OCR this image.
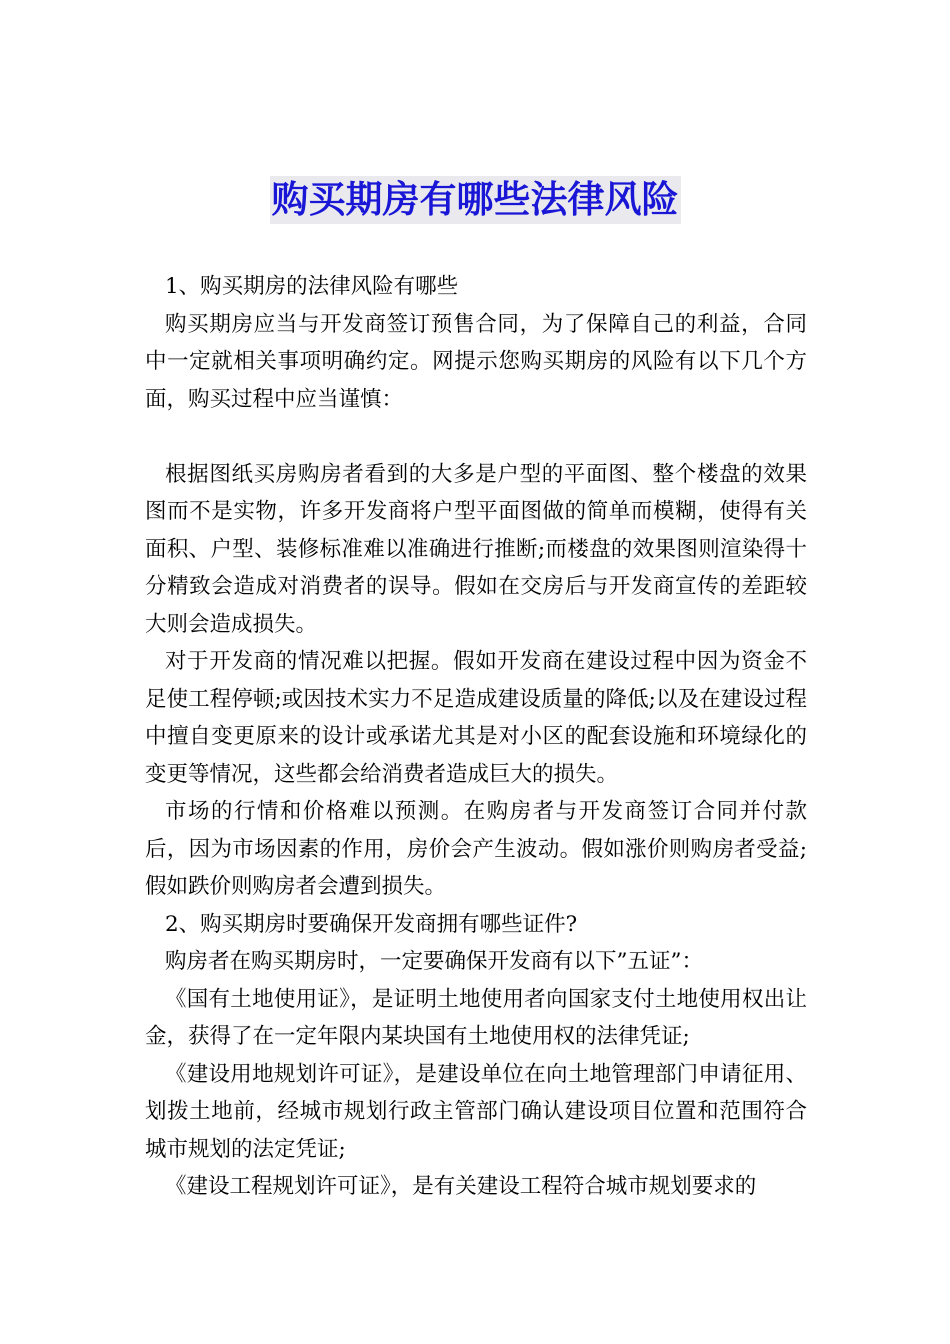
购买期房有哪些法律风险

1、购买期房的法律风险有哪些

购买期房应当与开发商签订预售合同，为了保障自己的利益，合同中一定就相关事项明确约定。网提示您购买期房的风险有以下几个方面，购买过程中应当谨慎：

根据图纸买房购房者看到的大多是户型的平面图、整个楼盘的效果图而不是实物，许多开发商将户型平面图做的简单而模糊，使得有关面积、户型、装修标准难以准确进行推断;而楼盘的效果图则渲染得十分精致会造成对消费者的误导。假如在交房后与开发商宣传的差距较大则会造成损失。

对于开发商的情况难以把握。假如开发商在建设过程中因为资金不足使工程停顿;或因技术实力不足造成建设质量的降低;以及在建设过程中擅自变更原来的设计或承诺尤其是对小区的配套设施和环境绿化的变更等情况，这些都会给消费者造成巨大的损失。

市场的行情和价格难以预测。在购房者与开发商签订合同并付款后，因为市场因素的作用，房价会产生波动。假如涨价则购房者受益;假如跌价则购房者会遭到损失。

2、购买期房时要确保开发商拥有哪些证件?

购房者在购买期房时，一定要确保开发商有以下”五证”：

《国有土地使用证》，是证明土地使用者向国家支付土地使用权出让金，获得了在一定年限内某块国有土地使用权的法律凭证;

《建设用地规划许可证》，是建设单位在向土地管理部门申请征用、划拨土地前，经城市规划行政主管部门确认建设项目位置和范围符合城市规划的法定凭证;

《建设工程规划许可证》，是有关建设工程符合城市规划要求的
